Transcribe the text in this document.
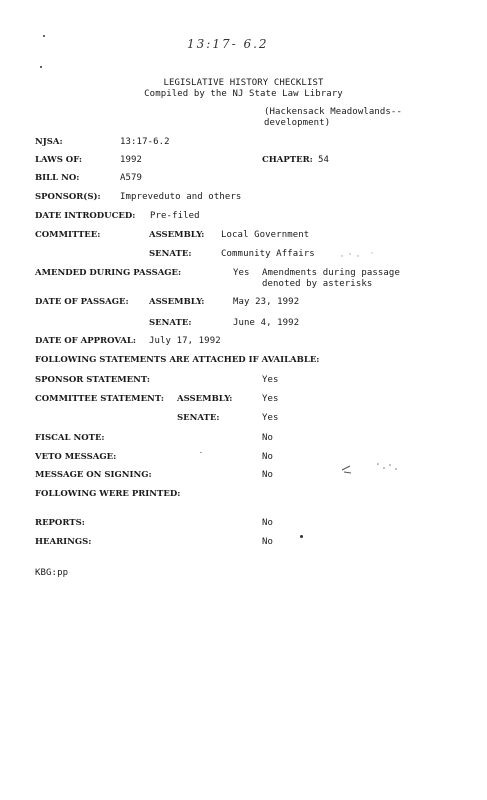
13:17- 6.2
LEGISLATIVE HISTORY CHECKLIST
Compiled by the NJ State Law Library
(Hackensack Meadowlands--
development)
NJSA:	13:17-6.2
LAWS OF:	1992	CHAPTER: 54
BILL NO:	A579
SPONSOR(S): Impreveduto and others
DATE INTRODUCED: Pre-filed
COMMITTEE:	ASSEMBLY: Local Government
SENATE:	Community Affairs
AMENDED DURING PASSAGE:	Yes Amendments during passage
denoted by asterisks
DATE OF PASSAGE: ASSEMBLY:	May 23, 1992
SENATE:	June 4, 1992
DATE OF APPROVAL: July 17, 1992
FOLLOWING STATEMENTS ARE ATTACHED IF AVAILABLE:
SPONSOR STATEMENT:	Yes
COMMITTEE STATEMENT: ASSEMBLY:	Yes
SENATE:	Yes
FISCAL NOTE:	No
VETO MESSAGE:	No
MESSAGE ON SIGNING:	No
FOLLOWING WERE PRINTED:
REPORTS:	No
HEARINGS:	No
KBG:pp
